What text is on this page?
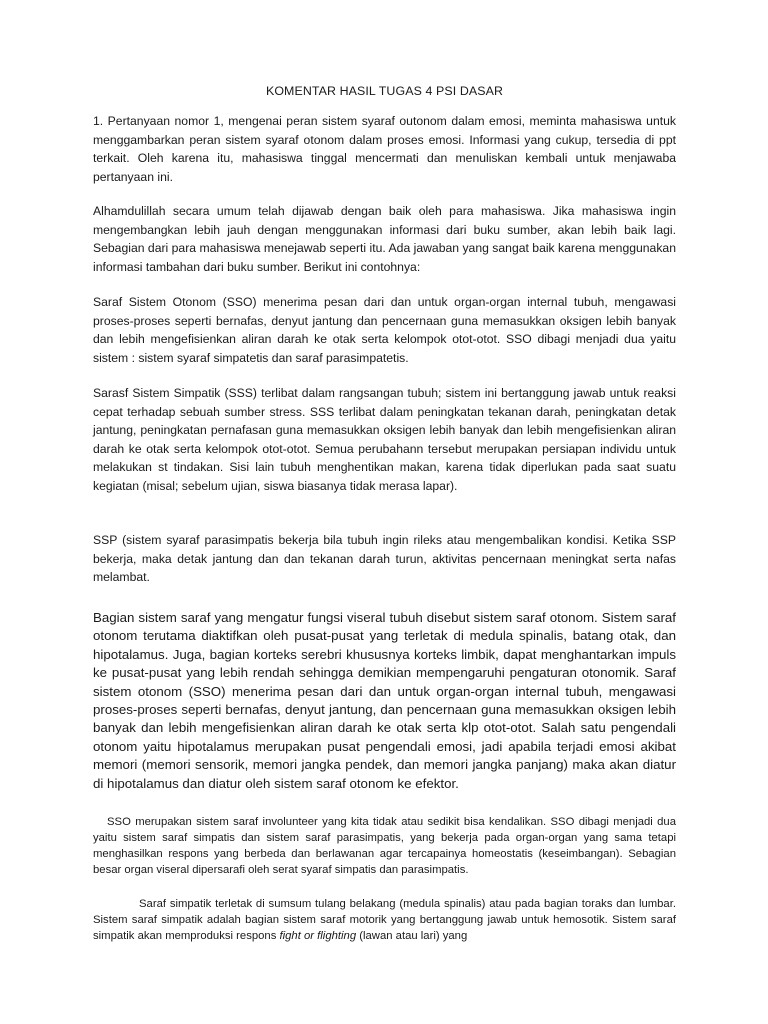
KOMENTAR HASIL TUGAS 4 PSI DASAR

1. Pertanyaan nomor 1, mengenai peran sistem syaraf outonom dalam emosi, meminta mahasiswa untuk menggambarkan peran sistem syaraf otonom dalam proses emosi. Informasi yang cukup, tersedia di ppt terkait. Oleh karena itu, mahasiswa tinggal mencermati dan menuliskan kembali untuk menjawaba pertanyaan ini.

Alhamdulillah secara umum telah dijawab dengan baik oleh para mahasiswa. Jika mahasiswa ingin mengembangkan lebih jauh dengan menggunakan informasi dari buku sumber, akan lebih baik lagi. Sebagian dari para mahasiswa menejawab seperti itu. Ada jawaban yang sangat baik karena menggunakan informasi tambahan dari buku sumber. Berikut ini contohnya:

Saraf Sistem Otonom (SSO) menerima pesan dari dan untuk organ-organ internal tubuh, mengawasi proses-proses seperti bernafas, denyut jantung dan pencernaan guna memasukkan oksigen lebih banyak dan lebih mengefisienkan aliran darah ke otak serta kelompok otot-otot. SSO dibagi menjadi dua yaitu sistem : sistem syaraf simpatetis dan saraf parasimpatetis.

Sarasf Sistem Simpatik (SSS) terlibat dalam rangsangan tubuh; sistem ini bertanggung jawab untuk reaksi cepat terhadap sebuah sumber stress. SSS terlibat dalam peningkatan tekanan darah, peningkatan detak jantung, peningkatan pernafasan guna memasukkan oksigen lebih banyak dan lebih mengefisienkan aliran darah ke otak serta kelompok otot-otot. Semua perubahann tersebut merupakan persiapan individu untuk melakukan st tindakan. Sisi lain tubuh menghentikan makan, karena tidak diperlukan pada saat suatu kegiatan (misal; sebelum ujian, siswa biasanya tidak merasa lapar).

SSP (sistem syaraf parasimpatis bekerja bila tubuh ingin rileks atau mengembalikan kondisi. Ketika SSP bekerja, maka detak jantung dan dan tekanan darah turun, aktivitas pencernaan meningkat serta nafas melambat.

Bagian sistem saraf yang mengatur fungsi viseral tubuh disebut sistem saraf otonom. Sistem saraf otonom terutama diaktifkan oleh pusat-pusat yang terletak di medula spinalis, batang otak, dan hipotalamus. Juga, bagian korteks serebri khususnya korteks limbik, dapat menghantarkan impuls ke pusat-pusat yang lebih rendah sehingga demikian mempengaruhi pengaturan otonomik. Saraf sistem otonom (SSO) menerima pesan dari dan untuk organ-organ internal tubuh, mengawasi proses-proses seperti bernafas, denyut jantung, dan pencernaan guna memasukkan oksigen lebih banyak dan lebih mengefisienkan aliran darah ke otak serta klp otot-otot. Salah satu pengendali otonom yaitu hipotalamus merupakan pusat pengendali emosi, jadi apabila terjadi emosi akibat memori (memori sensorik, memori jangka pendek, dan memori jangka panjang) maka akan diatur di hipotalamus dan diatur oleh sistem saraf otonom ke efektor.

SSO merupakan sistem saraf involunteer yang kita tidak atau sedikit bisa kendalikan. SSO dibagi menjadi dua yaitu sistem saraf simpatis dan sistem saraf parasimpatis, yang bekerja pada organ-organ yang sama tetapi menghasilkan respons yang berbeda dan berlawanan agar tercapainya homeostatis (keseimbangan). Sebagian besar organ viseral dipersarafi oleh serat syaraf simpatis dan parasimpatis.

Saraf simpatik terletak di sumsum tulang belakang (medula spinalis) atau pada bagian toraks dan lumbar. Sistem saraf simpatik adalah bagian sistem saraf motorik yang bertanggung jawab untuk hemosotik. Sistem saraf simpatik akan memproduksi respons fight or flighting (lawan atau lari) yang
